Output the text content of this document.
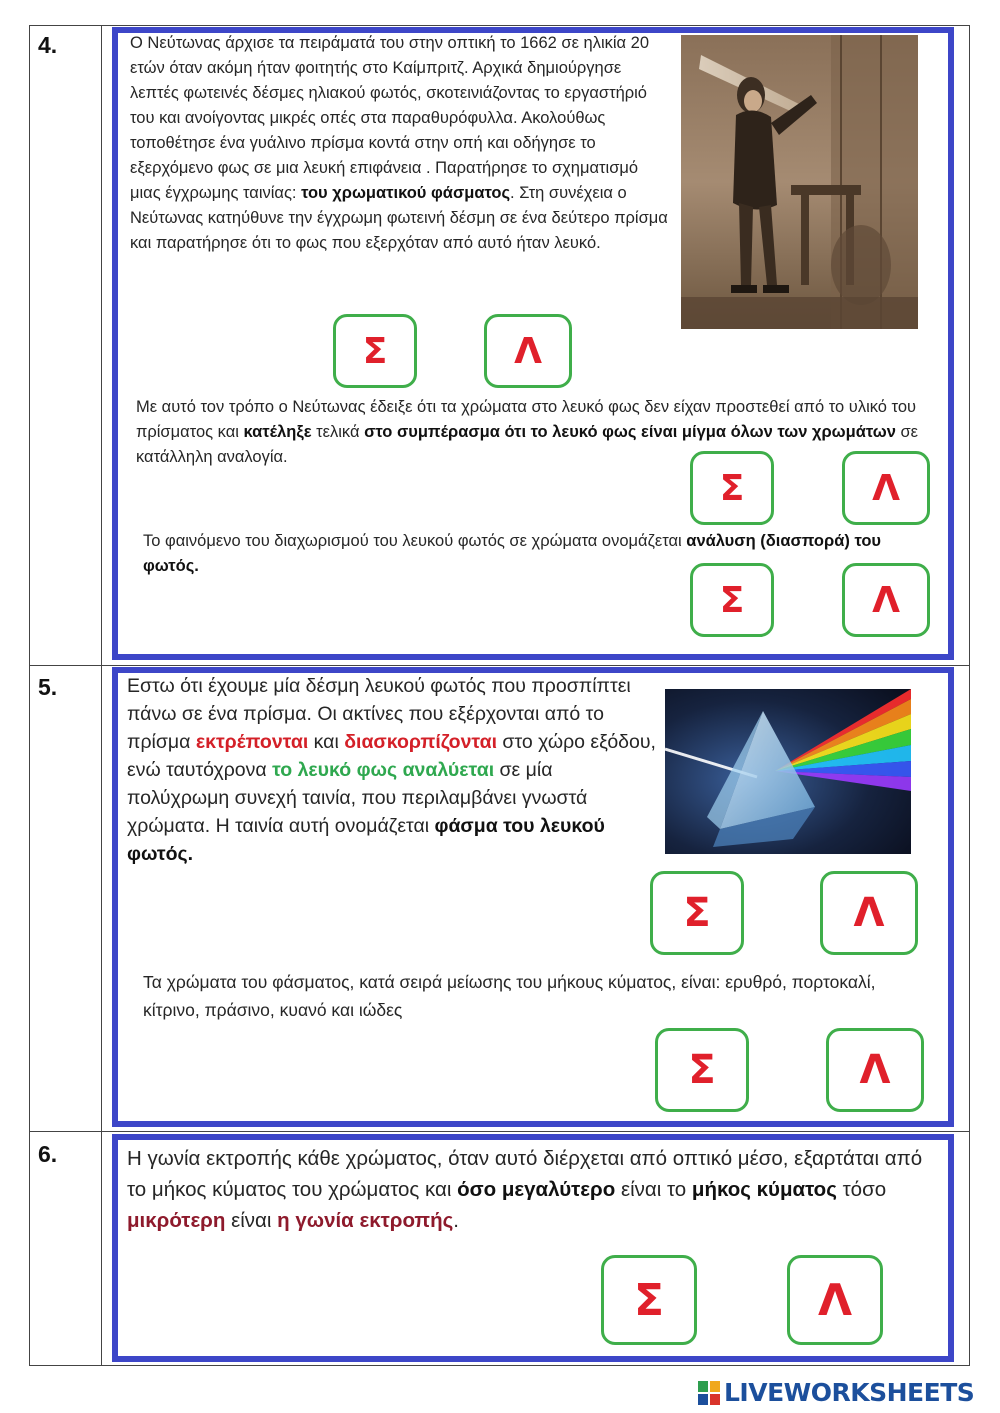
4.	Ο Νεύτωνας άρχισε τα πειράματά του στην οπτική το 1662 σε ηλικία 20 ετών όταν ακόμη ήταν φοιτητής στο Καίμπριτζ. Αρχικά δημιούργησε λεπτές φωτεινές δέσμες ηλιακού φωτός, σκοτεινιάζοντας το εργαστήριό του και ανοίγοντας μικρές οπές στα παραθυρόφυλλα. Ακολούθως τοποθέτησε ένα γυάλινο πρίσμα κοντά στην οπή και οδήγησε το εξερχόμενο φως σε μια λευκή επιφάνεια . Παρατήρησε το σχηματισμό μιας έγχρωμης ταινίας: του χρωματικού φάσματος. Στη συνέχεια ο Νεύτωνας κατηύθυνε την έγχρωμη φωτεινή δέσμη σε ένα δεύτερο πρίσμα και παρατήρησε ότι το φως που εξερχόταν από αυτό ήταν λευκό.
Σ	Λ
Με αυτό τον τρόπο ο Νεύτωνας έδειξε ότι τα χρώματα στο λευκό φως δεν είχαν προστεθεί από το υλικό του πρίσματος και κατέληξε τελικά στο συμπέρασμα ότι το λευκό φως είναι μίγμα όλων των χρωμάτων σε κατάλληλη αναλογία.
Σ	Λ
Το φαινόμενο του διαχωρισμού του λευκού φωτός σε χρώματα ονομάζεται ανάλυση (διασπορά) του φωτός.
Σ	Λ
5.	Εστω ότι έχουμε μία δέσμη λευκού φωτός που προσπίπτει πάνω σε ένα πρίσμα. Οι ακτίνες που εξέρχονται από το πρίσμα εκτρέπονται και διασκορπίζονται στο χώρο εξόδου, ενώ ταυτόχρονα το λευκό φως αναλύεται σε μία πολύχρωμη συνεχή ταινία, που περιλαμβάνει γνωστά χρώματα. Η ταινία αυτή ονομάζεται φάσμα του λευκού φωτός.
Σ	Λ
Τα χρώματα του φάσματος, κατά σειρά μείωσης του μήκους κύματος, είναι: ερυθρό, πορτοκαλί, κίτρινο, πράσινο, κυανό και ιώδες
Σ	Λ
6.	Η γωνία εκτροπής κάθε χρώματος, όταν αυτό διέρχεται από οπτικό μέσο, εξαρτάται από το μήκος κύματος του χρώματος και όσο μεγαλύτερο είναι το μήκος κύματος τόσο μικρότερη είναι η γωνία εκτροπής.
Σ	Λ
LIVEWORKSHEETS
